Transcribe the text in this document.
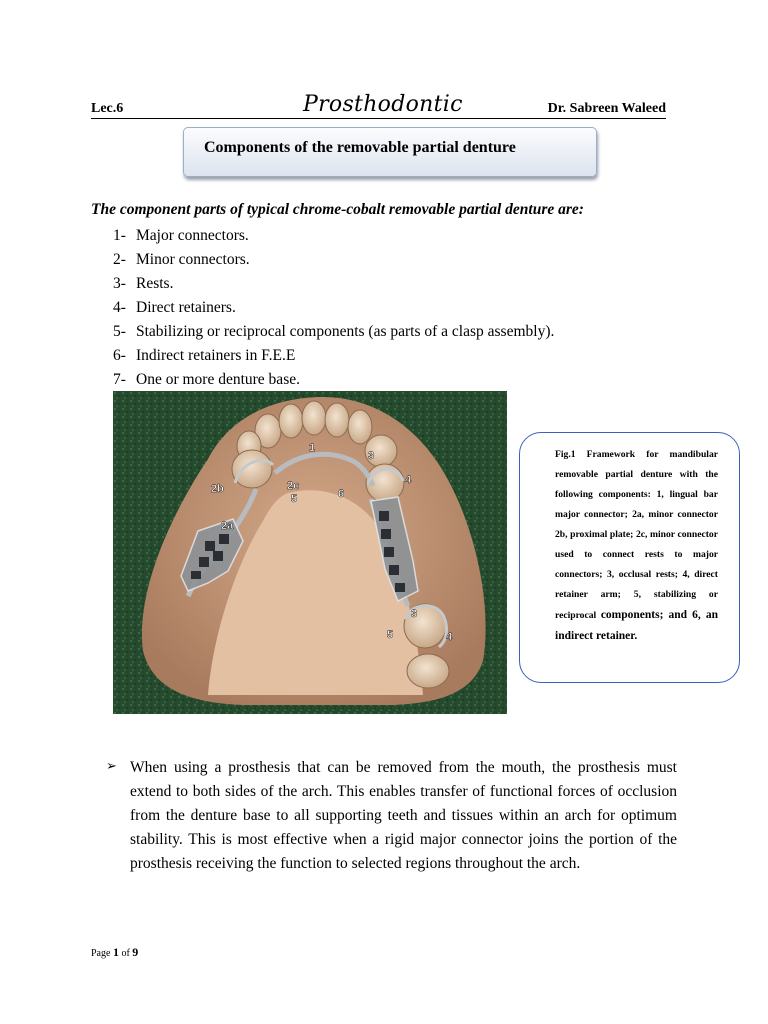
Lec.6	Prosthodontic	Dr. Sabreen Waleed
Components of the removable partial denture
The component parts of typical chrome-cobalt removable partial denture are:
1- Major connectors.
2- Minor connectors.
3- Rests.
4- Direct retainers.
5- Stabilizing or reciprocal components (as parts of a clasp assembly).
6- Indirect retainers in F.E.E
7- One or more denture base.
1
2b	2c
5
2a
6
3
4
3
5	4

Fig.1 Framework for mandibular removable partial denture with the following components: 1, lingual bar major connector; 2a, minor connector 2b, proximal plate; 2c, minor connector used to connect rests to major connectors; 3, occlusal rests; 4, direct retainer arm; 5, stabilizing or reciprocal components; and 6, an indirect retainer.

➢ When using a prosthesis that can be removed from the mouth, the prosthesis must extend to both sides of the arch. This enables transfer of functional forces of occlusion from the denture base to all supporting teeth and tissues within an arch for optimum stability. This is most effective when a rigid major connector joins the portion of the prosthesis receiving the function to selected regions throughout the arch.

Page 1 of 9
